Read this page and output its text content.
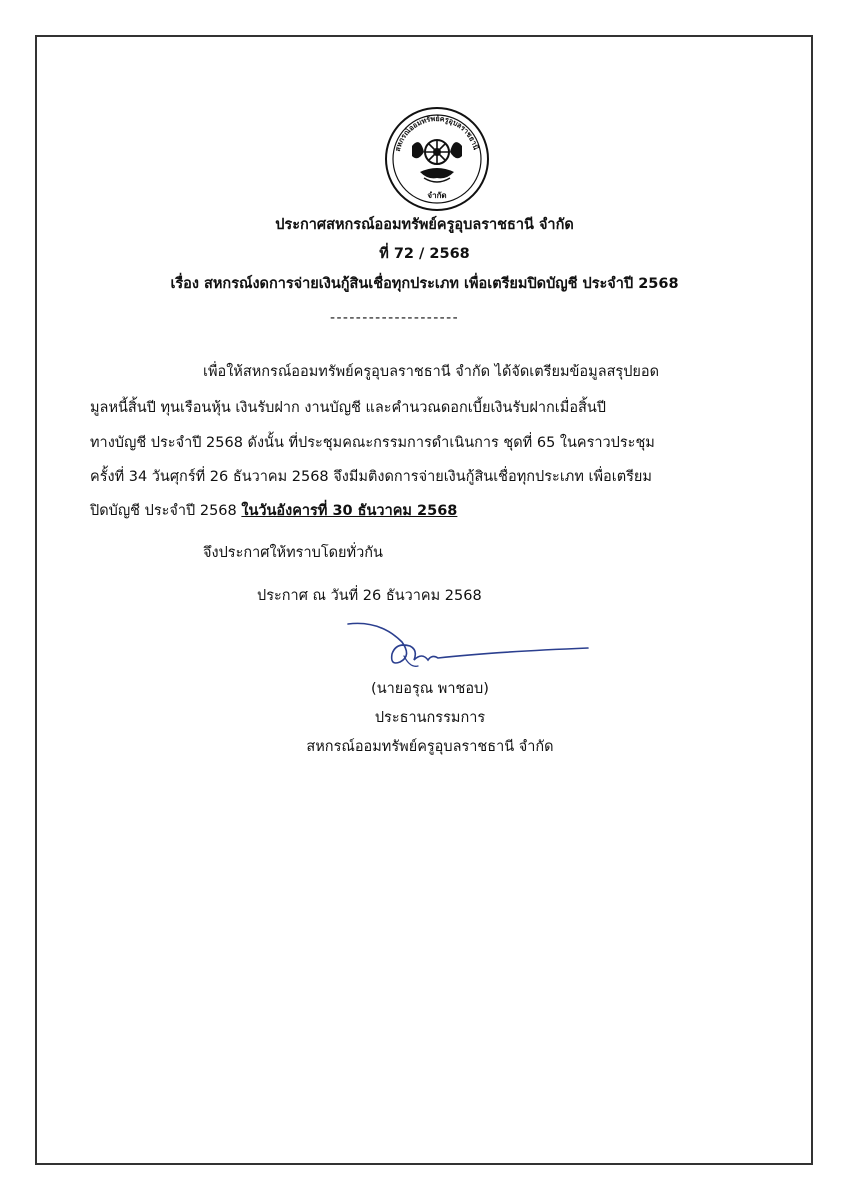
สหกรณ์ออมทรัพย์ครูอุบลราชธานี
จำกัด
ประกาศสหกรณ์ออมทรัพย์ครูอุบลราชธานี จำกัด
ที่ 72 / 2568
เรื่อง สหกรณ์งดการจ่ายเงินกู้สินเชื่อทุกประเภท เพื่อเตรียมปิดบัญชี ประจำปี 2568
--------------------
เพื่อให้สหกรณ์ออมทรัพย์ครูอุบลราชธานี จำกัด ได้จัดเตรียมข้อมูลสรุปยอด
มูลหนี้สิ้นปี ทุนเรือนหุ้น เงินรับฝาก งานบัญชี และคำนวณดอกเบี้ยเงินรับฝากเมื่อสิ้นปี
ทางบัญชี ประจำปี 2568 ดังนั้น ที่ประชุมคณะกรรมการดำเนินการ ชุดที่ 65 ในคราวประชุม
ครั้งที่ 34 วันศุกร์ที่ 26 ธันวาคม 2568 จึงมีมติงดการจ่ายเงินกู้สินเชื่อทุกประเภท เพื่อเตรียม
ปิดบัญชี ประจำปี 2568 ในวันอังคารที่ 30 ธันวาคม 2568
จึงประกาศให้ทราบโดยทั่วกัน
ประกาศ ณ วันที่ 26 ธันวาคม 2568
(นายอรุณ พาชอบ)
ประธานกรรมการ
สหกรณ์ออมทรัพย์ครูอุบลราชธานี จำกัด
